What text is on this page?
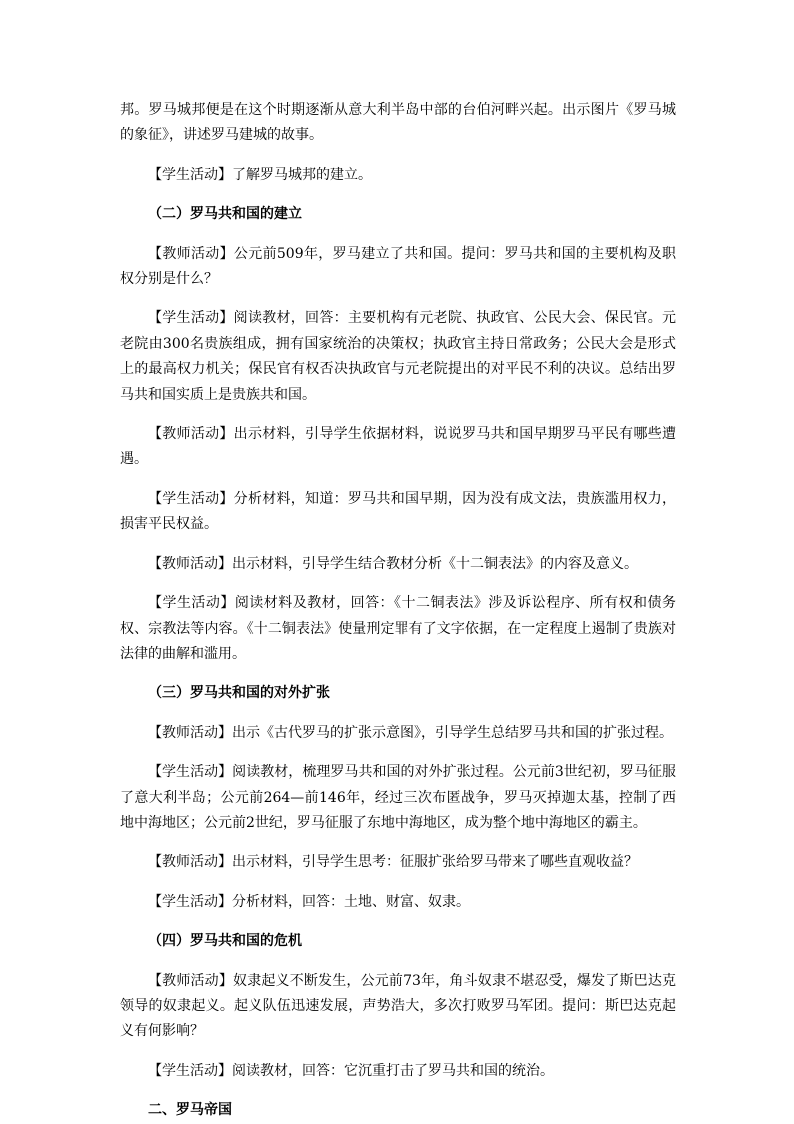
邦。罗马城邦便是在这个时期逐渐从意大利半岛中部的台伯河畔兴起。出示图片《罗马城的象征》，讲述罗马建城的故事。

【学生活动】了解罗马城邦的建立。

（二）罗马共和国的建立

【教师活动】公元前509年，罗马建立了共和国。提问：罗马共和国的主要机构及职权分别是什么？

【学生活动】阅读教材，回答：主要机构有元老院、执政官、公民大会、保民官。元老院由300名贵族组成，拥有国家统治的决策权；执政官主持日常政务；公民大会是形式上的最高权力机关；保民官有权否决执政官与元老院提出的对平民不利的决议。总结出罗马共和国实质上是贵族共和国。

【教师活动】出示材料，引导学生依据材料，说说罗马共和国早期罗马平民有哪些遭遇。

【学生活动】分析材料，知道：罗马共和国早期，因为没有成文法，贵族滥用权力，损害平民权益。

【教师活动】出示材料，引导学生结合教材分析《十二铜表法》的内容及意义。

【学生活动】阅读材料及教材，回答：《十二铜表法》涉及诉讼程序、所有权和债务权、宗教法等内容。《十二铜表法》使量刑定罪有了文字依据，在一定程度上遏制了贵族对法律的曲解和滥用。

（三）罗马共和国的对外扩张

【教师活动】出示《古代罗马的扩张示意图》，引导学生总结罗马共和国的扩张过程。

【学生活动】阅读教材，梳理罗马共和国的对外扩张过程。公元前3世纪初，罗马征服了意大利半岛；公元前264—前146年，经过三次布匿战争，罗马灭掉迦太基，控制了西地中海地区；公元前2世纪，罗马征服了东地中海地区，成为整个地中海地区的霸主。

【教师活动】出示材料，引导学生思考：征服扩张给罗马带来了哪些直观收益？

【学生活动】分析材料，回答：土地、财富、奴隶。

（四）罗马共和国的危机

【教师活动】奴隶起义不断发生，公元前73年，角斗奴隶不堪忍受，爆发了斯巴达克领导的奴隶起义。起义队伍迅速发展，声势浩大，多次打败罗马军团。提问：斯巴达克起义有何影响？

【学生活动】阅读教材，回答：它沉重打击了罗马共和国的统治。

二、罗马帝国
